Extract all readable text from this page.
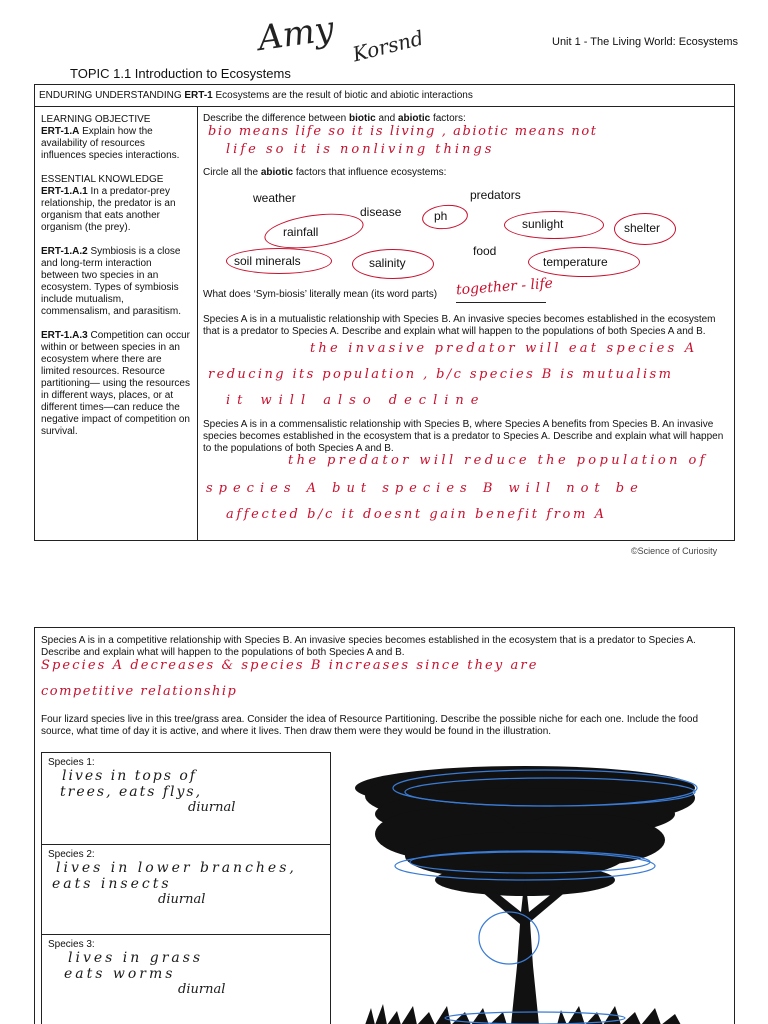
Amy Korsnd	Unit 1 - The Living World: Ecosystems
TOPIC 1.1 Introduction to Ecosystems
ENDURING UNDERSTANDING ERT-1 Ecosystems are the result of biotic and abiotic interactions

LEARNING OBJECTIVE
ERT-1.A Explain how the availability of resources influences species interactions.

ESSENTIAL KNOWLEDGE
ERT-1.A.1 In a predator-prey relationship, the predator is an organism that eats another organism (the prey).

ERT-1.A.2 Symbiosis is a close and long-term interaction between two species in an ecosystem. Types of symbiosis include mutualism, commensalism, and parasitism.

ERT-1.A.3 Competition can occur within or between species in an ecosystem where there are limited resources. Resource partitioning— using the resources in different ways, places, or at different times—can reduce the negative impact of competition on survival.

Describe the difference between biotic and abiotic factors:
bio means life so it is living , abiotic means not
life so it is nonliving things
Circle all the abiotic factors that influence ecosystems:
weather	predators
disease	ph
sunlight	shelter
rainfall
food
soil minerals	salinity	temperature
What does ‘Sym-biosis’ literally mean (its word parts) together - life
Species A is in a mutualistic relationship with Species B. An invasive species becomes established in the ecosystem that is a predator to Species A. Describe and explain what will happen to the populations of both Species A and B.
the invasive predator will eat species A
reducing its population , b/c species B is mutualism
it will also decline
Species A is in a commensalistic relationship with Species B, where Species A benefits from Species B. An invasive species becomes established in the ecosystem that is a predator to Species A. Describe and explain what will happen to the populations of both Species A and B.
the predator will reduce the population of
species A but species B will not be
affected b/c it doesnt gain benefit from A
©Science of Curiosity
Species A is in a competitive relationship with Species B. An invasive species becomes established in the ecosystem that is a predator to Species A. Describe and explain what will happen to the populations of both Species A and B.
Species A decreases & species B increases since they are
competitive relationship
Four lizard species live in this tree/grass area. Consider the idea of Resource Partitioning. Describe the possible niche for each one. Include the food source, what time of day it is active, and where it lives. Then draw them were they would be found in the illustration.
Species 1:
lives in tops of
trees, eats flys,
diurnal
Species 2:
lives in lower branches,
eats insects
diurnal
Species 3:
lives in grass
eats worms
diurnal
